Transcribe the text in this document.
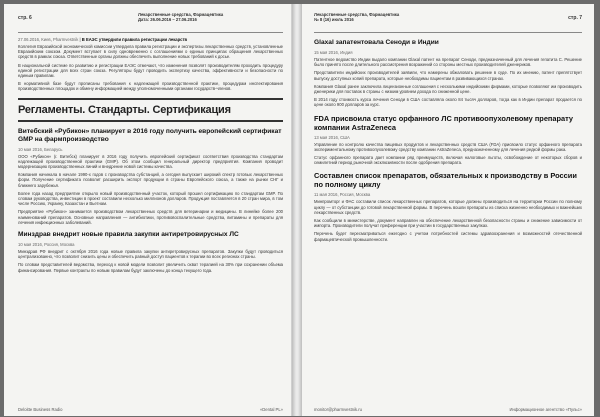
стр. 6
Лекарственные средства, Фармацевтика
Дата: 26.06.2016 – 27.06.2016
27.06.2016, Киев, Pharmvestnik | В ЕАЭС утвердили правила регистрации лекарств

Коллегия Евразийской экономической комиссии утвердила правила регистрации и экспертизы лекарственных средств, установленные Евразийским союзом. Документ вступает в силу одновременно с соглашениями о единых принципах обращения лекарственных средств в рамках союза. Ответственные органы должны обеспечить выполнение новых требований к досье.

В национальной системе по развитию и регистрации ЕАЭС отмечают, что изменения позволят производителям проходить процедуру единой регистрации для всех стран союза. Регуляторы будут проводить экспертизу качества, эффективности и безопасности по единым правилам.

В нормативной базе будут прописаны требования к надлежащей производственной практике, процедурам инспектирования производственных площадок и обмену информацией между уполномоченными органами государств-членов.

Регламенты. Стандарты. Сертификация
Витебский «Рубикон» планирует в 2016 году получить европейский сертификат GMP на фармпроизводство
10 мая 2016, Беларусь

ООО «Рубикон» (г. Витебск) планирует в 2016 году получить европейский сертификат соответствия производства стандартам надлежащей производственной практики (GMP). Об этом сообщил генеральный директор предприятия. Компания проводит модернизацию производственных линий и внедрение новой системы качества.

Компания начинала в начале 1990-х годов с производства субстанций, а сегодня выпускает широкий спектр готовых лекарственных форм. Получение сертификата позволит расширить экспорт продукции в страны Европейского союза, а также на рынки СНГ и ближнего зарубежья.

Более года назад предприятие открыло новый производственный участок, который прошел сертификацию по стандартам GMP. По словам руководства, инвестиции в проект составили несколько миллионов долларов. Продукция поставляется в 20 стран мира, в том числе Россию, Украину, Казахстан и Вьетнам.

Предприятие «Рубикон» занимается производством лекарственных средств для ветеринарии и медицины. В линейке более 200 наименований препаратов. Основные направления — антибиотики, противовоспалительные средства, витамины и препараты для лечения инфекционных заболеваний.

Минздрав внедрит новые правила закупки антиретровирусных ЛС
10 мая 2016, Россия, Москва

Минздрав РФ внедрит с октября 2016 года новые правила закупки антиретровирусных препаратов. Закупки будут проводиться централизованно, что позволит снизить цены и обеспечить равный доступ пациентов к терапии во всех регионах страны.

По словам представителей ведомства, переход к новой модели позволит увеличить охват терапией на 30% при сохранении объема финансирования. Первые контракты по новым правилам будут заключены до конца текущего года.

Deloitte Business Radio	«Dental PL»
Лекарственные средства, Фармацевтика
№ 8 (16) июль 2016	стр. 7
Glaxal запатентовала Сеноди в Индии
15 мая 2016, Индия

Патентное ведомство Индии выдало компании Glaxal патент на препарат Сеноди, предназначенный для лечения гепатита С. Решение было принято после длительного рассмотрения возражений со стороны местных производителей дженериков.

Представители индийских производителей заявили, что намерены обжаловать решение в суде. По их мнению, патент препятствует выпуску доступных копий препарата, которые необходимы пациентам в развивающихся странах.

Компания Glaxal ранее заключила лицензионные соглашения с несколькими индийскими фирмами, которые позволяют им производить дженерики для поставок в страны с низким уровнем дохода по сниженной цене.

В 2014 году стоимость курса лечения Сеноди в США составляла около 84 тысяч долларов, тогда как в Индии препарат продается по цене около 900 долларов за курс.

FDA присвоила статус орфанного ЛС противоопухолевому препарату компании AstraZeneca
13 мая 2016, США

Управление по контролю качества пищевых продуктов и лекарственных средств США (FDA) присвоило статус орфанного препарата экспериментальному противоопухолевому средству компании AstraZeneca, предназначенному для лечения редкой формы рака.

Статус орфанного препарата дает компании ряд преимуществ, включая налоговые льготы, освобождение от некоторых сборов и семилетний период рыночной эксклюзивности после одобрения препарата.

Составлен список препаратов, обязательных к производству в России по полному циклу
11 мая 2016, Россия, Москва

Минпромторг и ФАС составили список лекарственных препаратов, которые должны производиться на территории России по полному циклу — от субстанции до готовой лекарственной формы. В перечень вошли препараты из списка жизненно необходимых и важнейших лекарственных средств.

Как сообщили в министерстве, документ направлен на обеспечение лекарственной безопасности страны и снижение зависимости от импорта. Производители получат преференции при участии в государственных закупках.

Перечень будет пересматриваться ежегодно с учетом потребностей системы здравоохранения и возможностей отечественной фармацевтической промышленности.

monitor@pharmvestnik.ru	Информационное агентство «Пульс»
